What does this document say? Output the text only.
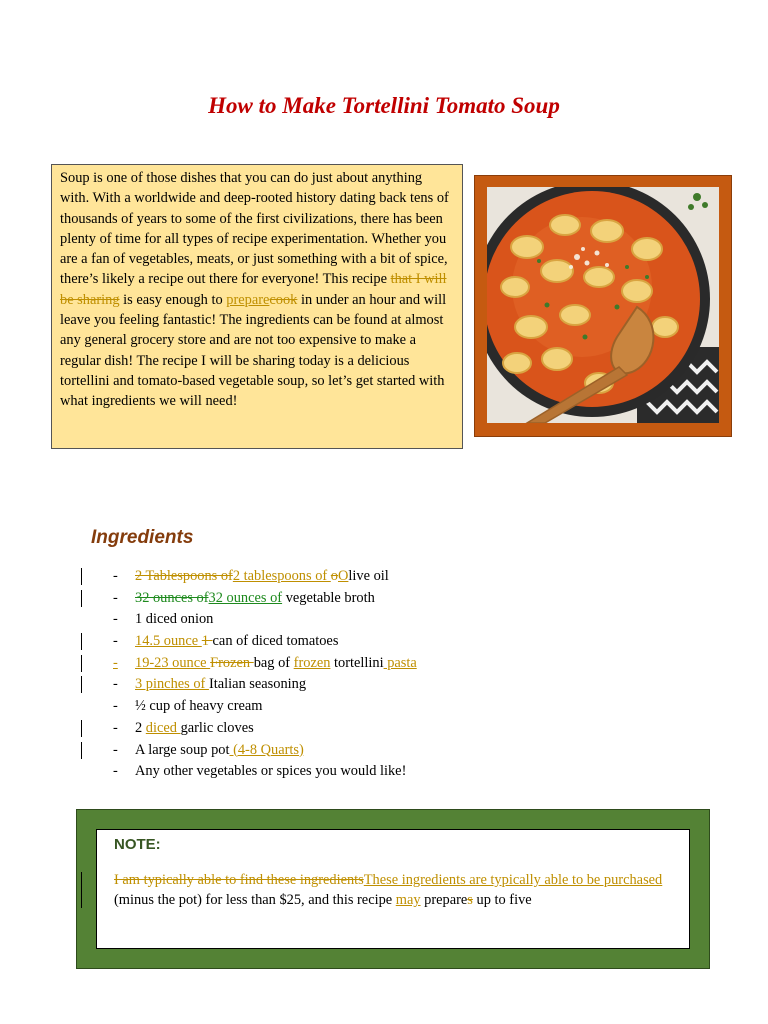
How to Make Tortellini Tomato Soup
Soup is one of those dishes that you can do just about anything with. With a worldwide and deep-rooted history dating back tens of thousands of years to some of the first civilizations, there has been plenty of time for all types of recipe experimentation. Whether you are a fan of vegetables, meats, or just something with a bit of spice, there’s likely a recipe out there for everyone! This recipe that I will be sharing is easy enough to preparecook in under an hour and will leave you feeling fantastic! The ingredients can be found at almost any general grocery store and are not too expensive to make a regular dish! The recipe I will be sharing today is a delicious tortellini and tomato-based vegetable soup, so let’s get started with what ingredients we will need!
Ingredients
- 2 Tablespoons of2 tablespoons of oOlive oil
- 32 ounces of32 ounces of vegetable broth
- 1 diced onion
- 14.5 ounce 1 can of diced tomatoes
- 19-23 ounce Frozen bag of frozen tortellini pasta
- 3 pinches of Italian seasoning
- ½ cup of heavy cream
- 2 diced garlic cloves
- A large soup pot (4-8 Quarts)
- Any other vegetables or spices you would like!

NOTE:

I am typically able to find these ingredientsThese ingredients are typically able to be purchased (minus the pot) for less than $25, and this recipe may prepares up to five
